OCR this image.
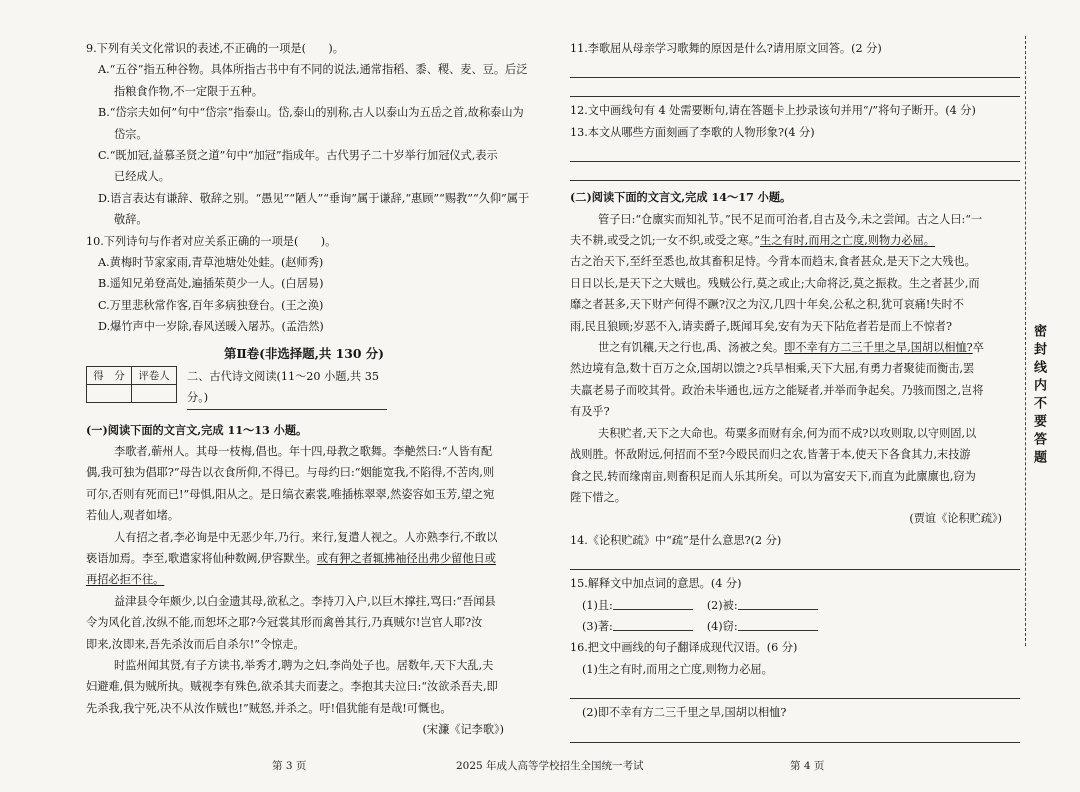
9.下列有关文化常识的表述,不正确的一项是(　　)。
A.“五谷”指五种谷物。具体所指古书中有不同的说法,通常指稻、黍、稷、麦、豆。后泛
指粮食作物,不一定限于五种。
B.“岱宗夫如何”句中“岱宗”指泰山。岱,泰山的别称,古人以泰山为五岳之首,故称泰山为
岱宗。
C.“既加冠,益慕圣贤之道”句中“加冠”指成年。古代男子二十岁举行加冠仪式,表示
已经成人。
D.语言表达有谦辞、敬辞之别。“愚见”“陋人”“垂询”属于谦辞,“惠顾”“赐教”“久仰”属于
敬辞。
10.下列诗句与作者对应关系正确的一项是(　　)。
A.黄梅时节家家雨,青草池塘处处蛙。(赵师秀)
B.遥知兄弟登高处,遍插茱萸少一人。(白居易)
C.万里悲秋常作客,百年多病独登台。(王之涣)
D.爆竹声中一岁除,春风送暖入屠苏。(孟浩然)
第Ⅱ卷(非选择题,共 130 分)
得　分	评卷人
	二、古代诗文阅读(11～20 小题,共 35 分。)
(一)阅读下面的文言文,完成 11～13 小题。
李歌者,蕲州人。其母一枝梅,倡也。年十四,母教之歌舞。李艴然曰:“人皆有配
偶,我可独为倡耶?”母告以衣食所仰,不得已。与母约曰:“姻能宽我,不陷得,不苦肉,则
可尔,否则有死而已!”母惧,阳从之。是日缟衣素裳,唯插栋翠翠,然姿容如玉芳,望之宛
若仙人,观者如堵。
人有招之者,李必询是中无恶少年,乃行。来行,复遣人视之。人亦熟李行,不敢以
亵语加焉。李至,歌遣家将仙种数阙,伊容默坐。或有狎之者辄拂袖径出弗少留他日或
再招必拒不往。
益津县令年颇少,以白金遗其母,欲私之。李持刀入户,以巨木撑拄,骂曰:“吾闻县
令为风化首,汝纵不能,而恕坏之耶?今冠裳其形而禽兽其行,乃真贼尔!岂官人耶?汝
即来,汝即来,吾先杀汝而后自杀尔!”令惊走。
时监州闻其贤,有子方读书,举秀才,聘为之妇,李尚处子也。居数年,天下大乱,夫
妇避难,俱为贼所执。贼视李有殊色,欲杀其夫而妻之。李抱其夫泣曰:“汝欲杀吾夫,即
先杀我,我宁死,决不从汝作贼也!”贼怒,并杀之。吁!倡犹能有是哉!可慨也。
(宋濂《记李歌》)
11.李歌屈从母亲学习歌舞的原因是什么?请用原文回答。(2 分)
12.文中画线句有 4 处需要断句,请在答题卡上抄录该句并用“/”将句子断开。(4 分)
13.本文从哪些方面刻画了李歌的人物形象?(4 分)
(二)阅读下面的文言文,完成 14～17 小题。
管子曰:“仓廪实而知礼节。”民不足而可治者,自古及今,未之尝闻。古之人曰:“一
夫不耕,或受之饥;一女不织,或受之寒。”生之有时,而用之亡度,则物力必屈。
古之治天下,至纤至悉也,故其畜积足恃。今背本而趋末,食者甚众,是天下之大残也。
日日以长,是天下之大贼也。残贼公行,莫之或止;大命将泛,莫之振救。生之者甚少,而
靡之者甚多,天下财产何得不蹶?汉之为汉,几四十年矣,公私之积,犹可哀痛!失时不
雨,民且狼顾;岁恶不入,请卖爵子,既闻耳矣,安有为天下阽危者若是而上不惊者?
世之有饥穰,天之行也,禹、汤被之矣。即不幸有方二三千里之旱,国胡以相恤?卒
然边境有急,数十百万之众,国胡以馈之?兵旱相乘,天下大屈,有勇力者聚徒而衡击,罢
夫羸老易子而咬其骨。政治未毕通也,远方之能疑者,并举而争起矣。乃骇而图之,岂将
有及乎?
夫积贮者,天下之大命也。苟粟多而财有余,何为而不成?以攻则取,以守则固,以
战则胜。怀敌附远,何招而不至?今殴民而归之农,皆著于本,使天下各食其力,末技游
食之民,转而缘南亩,则畜积足而人乐其所矣。可以为富安天下,而直为此廪廪也,窃为
陛下惜之。
(贾谊《论积贮疏》)
14.《论积贮疏》中“疏”是什么意思?(2 分)
15.解释文中加点词的意思。(4 分)
(1)且:	(2)被:
(3)著:	(4)窃:
16.把文中画线的句子翻译成现代汉语。(6 分)
(1)生之有时,而用之亡度,则物力必屈。
(2)即不幸有方二三千里之旱,国胡以相恤?
密封线内不要答题
第 3 页	2025 年成人高等学校招生全国统一考试	第 4 页
